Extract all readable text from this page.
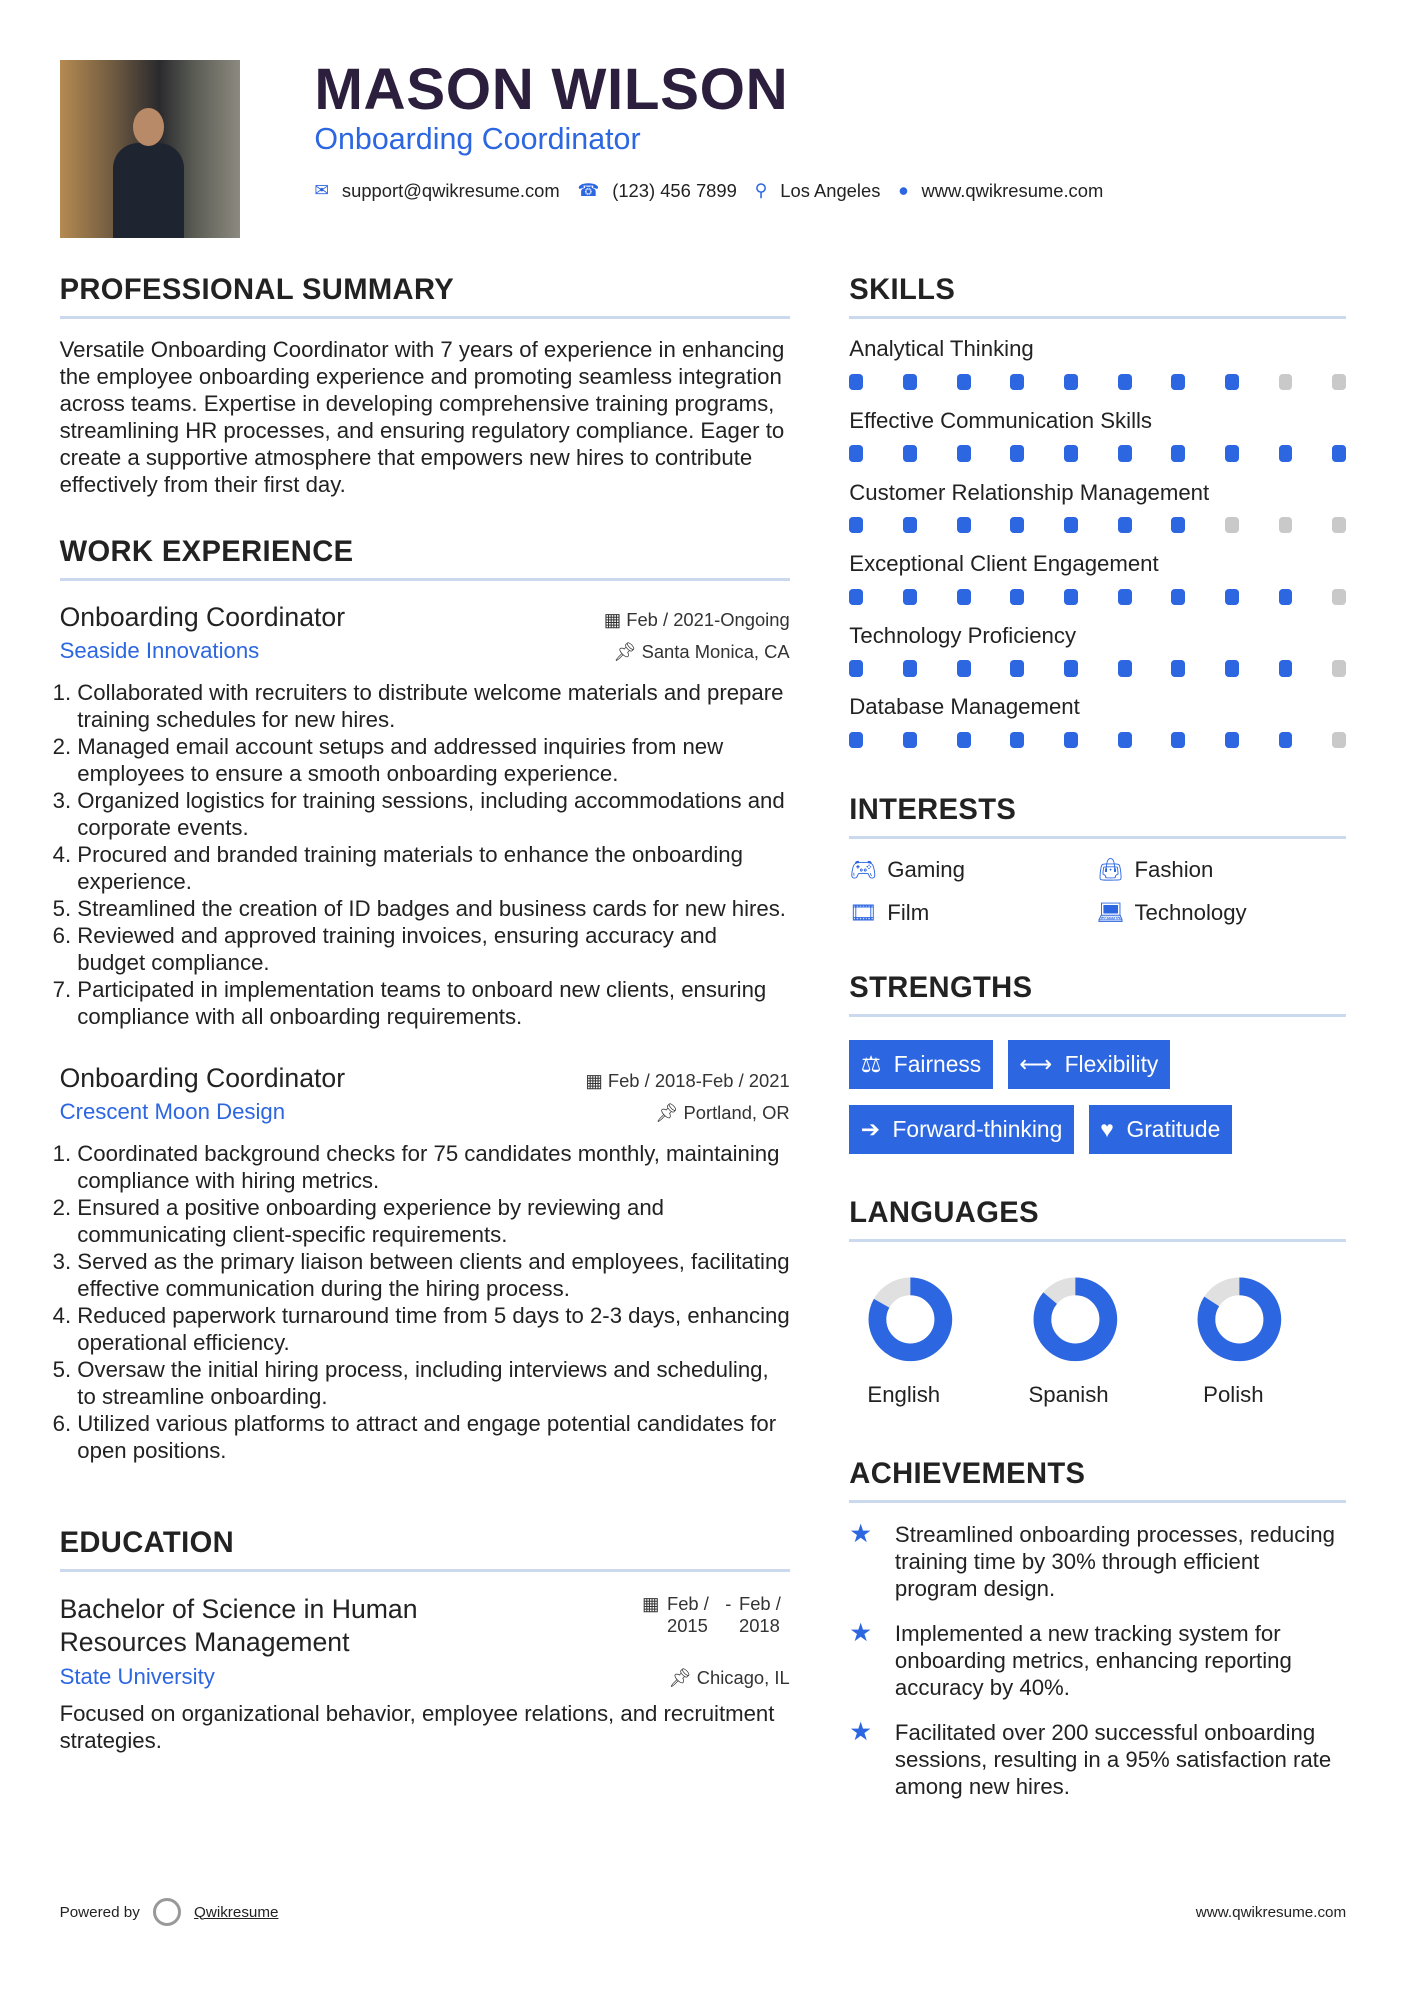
MASON WILSON
Onboarding Coordinator
✉ support@qwikresume.com ☎ (123) 456 7899 ⚲ Los Angeles ● www.qwikresume.com
PROFESSIONAL SUMMARY

Versatile Onboarding Coordinator with 7 years of experience in enhancing the employee onboarding experience and promoting seamless integration across teams. Expertise in developing comprehensive training programs, streamlining HR processes, and ensuring regulatory compliance. Eager to create a supportive atmosphere that empowers new hires to contribute effectively from their first day.

WORK EXPERIENCE
Onboarding Coordinator	▦ Feb / 2021-Ongoing
Seaside Innovations	📌︎ Santa Monica, CA
1. Collaborated with recruiters to distribute welcome materials and prepare training schedules for new hires.
2. Managed email account setups and addressed inquiries from new employees to ensure a smooth onboarding experience.
3. Organized logistics for training sessions, including accommodations and corporate events.
4. Procured and branded training materials to enhance the onboarding experience.
5. Streamlined the creation of ID badges and business cards for new hires.
6. Reviewed and approved training invoices, ensuring accuracy and budget compliance.
7. Participated in implementation teams to onboard new clients, ensuring compliance with all onboarding requirements.
Onboarding Coordinator	▦ Feb / 2018-Feb / 2021
Crescent Moon Design	📌︎ Portland, OR
1. Coordinated background checks for 75 candidates monthly, maintaining compliance with hiring metrics.
2. Ensured a positive onboarding experience by reviewing and communicating client-specific requirements.
3. Served as the primary liaison between clients and employees, facilitating effective communication during the hiring process.
4. Reduced paperwork turnaround time from 5 days to 2-3 days, enhancing operational efficiency.
5. Oversaw the initial hiring process, including interviews and scheduling, to streamline onboarding.
6. Utilized various platforms to attract and engage potential candidates for open positions.
EDUCATION
Bachelor of Science in Human Resources Management
▦ Feb / 2015
- Feb / 2018
State University	📌︎ Chicago, IL

Focused on organizational behavior, employee relations, and recruitment strategies.

SKILLS
Analytical Thinking
Effective Communication Skills
Customer Relationship Management
Exceptional Client Engagement
Technology Proficiency
Database Management
INTERESTS
🎮︎ Gaming	👜︎ Fashion
🎞︎ Film	💻︎ Technology
STRENGTHS
⚖ Fairness ⟷ Flexibility
➔ Forward-thinking ♥ Gratitude
LANGUAGES
English	Spanish	Polish
ACHIEVEMENTS
★	Streamlined onboarding processes, reducing training time by 30% through efficient program design.
★	Implemented a new tracking system for onboarding metrics, enhancing reporting accuracy by 40%.
★	Facilitated over 200 successful onboarding sessions, resulting in a 95% satisfaction rate among new hires.
Powered by	Qwikresume	www.qwikresume.com
